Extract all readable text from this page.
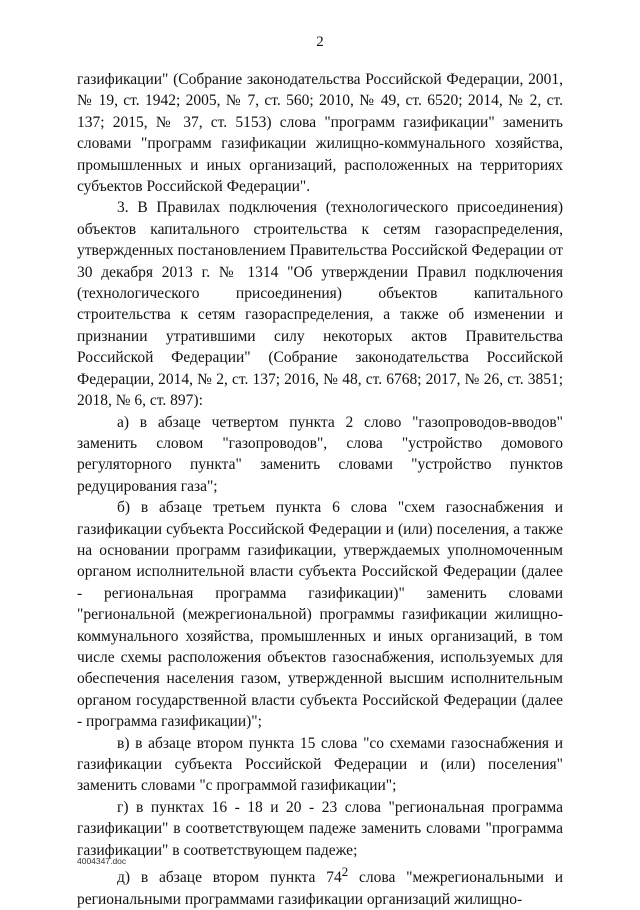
2

газификации" (Собрание законодательства Российской Федерации, 2001, № 19, ст. 1942; 2005, № 7, ст. 560; 2010, № 49, ст. 6520; 2014, № 2, ст. 137; 2015, № 37, ст. 5153) слова "программ газификации" заменить словами "программ газификации жилищно-коммунального хозяйства, промышленных и иных организаций, расположенных на территориях субъектов Российской Федерации".

3. В Правилах подключения (технологического присоединения) объектов капитального строительства к сетям газораспределения, утвержденных постановлением Правительства Российской Федерации от 30 декабря 2013 г. № 1314 "Об утверждении Правил подключения (технологического присоединения) объектов капитального строительства к сетям газораспределения, а также об изменении и признании утратившими силу некоторых актов Правительства Российской Федерации" (Собрание законодательства Российской Федерации, 2014, № 2, ст. 137; 2016, № 48, ст. 6768; 2017, № 26, ст. 3851; 2018, № 6, ст. 897):

а) в абзаце четвертом пункта 2 слово "газопроводов-вводов" заменить словом "газопроводов", слова "устройство домового регуляторного пункта" заменить словами "устройство пунктов редуцирования газа";

б) в абзаце третьем пункта 6 слова "схем газоснабжения и газификации субъекта Российской Федерации и (или) поселения, а также на основании программ газификации, утверждаемых уполномоченным органом исполнительной власти субъекта Российской Федерации (далее - региональная программа газификации)" заменить словами "региональной (межрегиональной) программы газификации жилищно-коммунального хозяйства, промышленных и иных организаций, в том числе схемы расположения объектов газоснабжения, используемых для обеспечения населения газом, утвержденной высшим исполнительным органом государственной власти субъекта Российской Федерации (далее - программа газификации)";

в) в абзаце втором пункта 15 слова "со схемами газоснабжения и газификации субъекта Российской Федерации и (или) поселения" заменить словами "с программой газификации";

г) в пунктах 16 - 18 и 20 - 23 слова "региональная программа газификации" в соответствующем падеже заменить словами "программа газификации" в соответствующем падеже;

д) в абзаце втором пункта $74^2$ слова "межрегиональными и региональными программами газификации организаций жилищно-

4004347.doc
